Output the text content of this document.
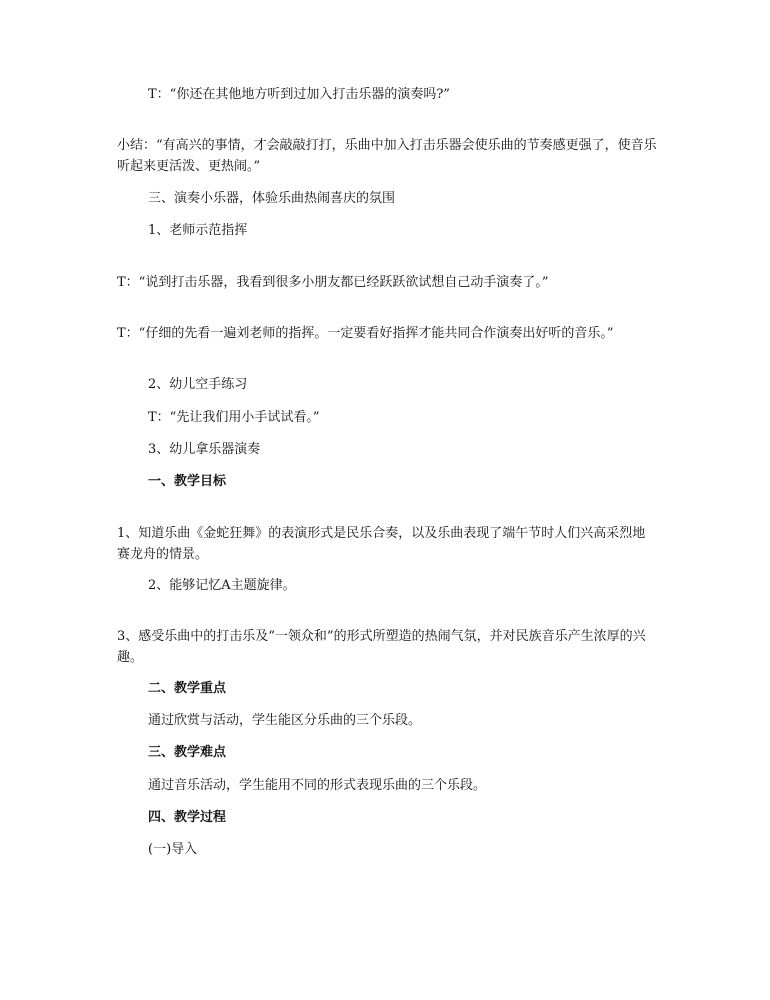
T：“你还在其他地方听到过加入打击乐器的演奏吗?”
小结：“有高兴的事情，才会敲敲打打，乐曲中加入打击乐器会使乐曲的节奏感更强了，使音乐听起来更活泼、更热闹。”
三、演奏小乐器，体验乐曲热闹喜庆的氛围
1、老师示范指挥
T：“说到打击乐器，我看到很多小朋友都已经跃跃欲试想自己动手演奏了。”
T：“仔细的先看一遍刘老师的指挥。一定要看好指挥才能共同合作演奏出好听的音乐。”
2、幼儿空手练习
T：“先让我们用小手试试看。”
3、幼儿拿乐器演奏
一、教学目标
1、知道乐曲《金蛇狂舞》的表演形式是民乐合奏，以及乐曲表现了端午节时人们兴高采烈地赛龙舟的情景。
2、能够记忆A主题旋律。
3、感受乐曲中的打击乐及“一领众和”的形式所塑造的热闹气氛，并对民族音乐产生浓厚的兴趣。
二、教学重点
通过欣赏与活动，学生能区分乐曲的三个乐段。
三、教学难点
通过音乐活动，学生能用不同的形式表现乐曲的三个乐段。
四、教学过程
(一)导入
